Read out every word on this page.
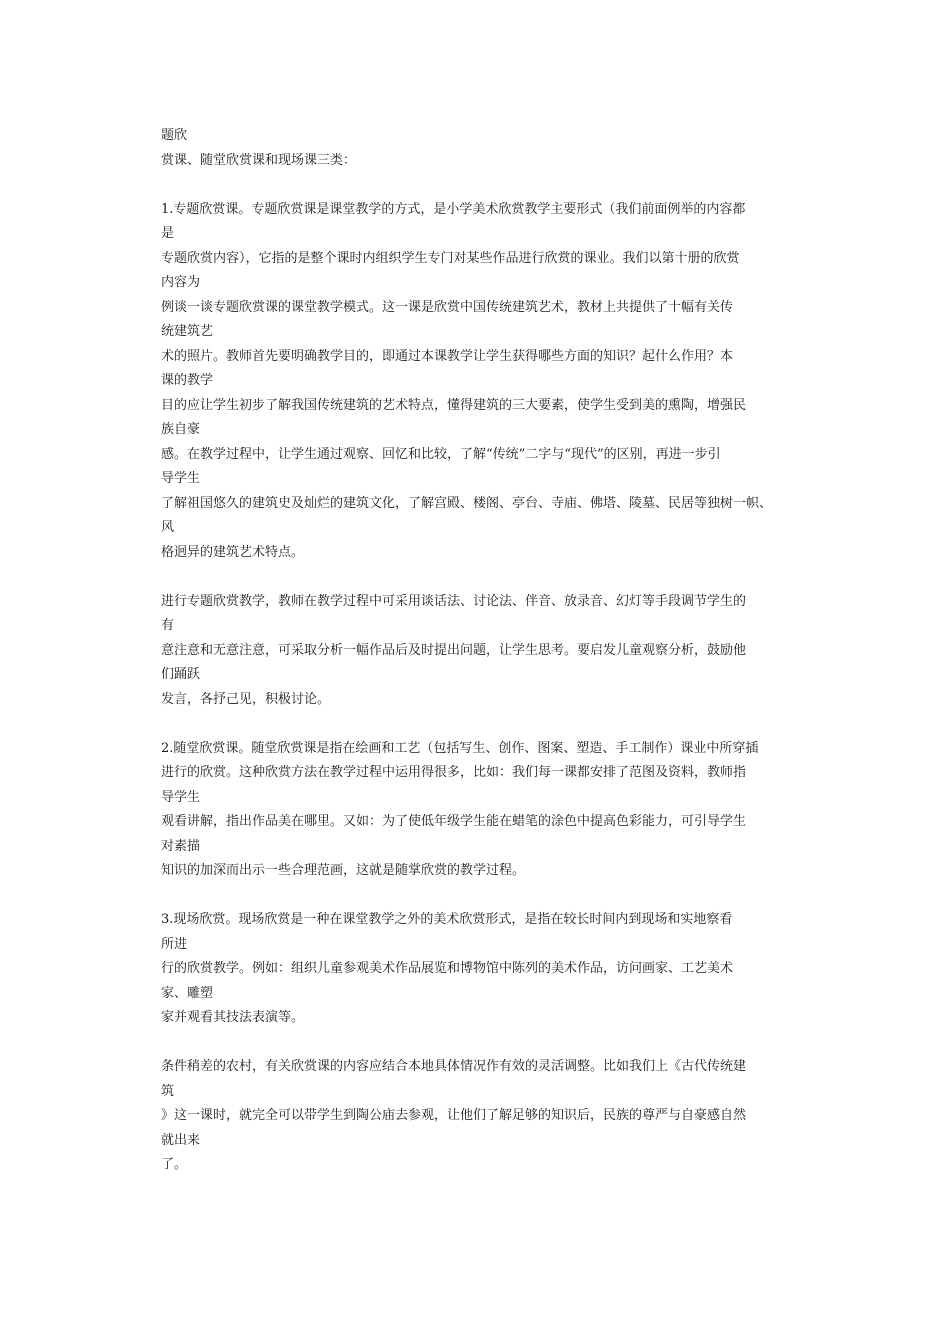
题欣
赏课、随堂欣赏课和现场课三类：
1.专题欣赏课。专题欣赏课是课堂教学的方式，是小学美术欣赏教学主要形式（我们前面例举的内容都
是
专题欣赏内容），它指的是整个课时内组织学生专门对某些作品进行欣赏的课业。我们以第十册的欣赏
内容为
例谈一谈专题欣赏课的课堂教学模式。这一课是欣赏中国传统建筑艺术，教材上共提供了十幅有关传
统建筑艺
术的照片。教师首先要明确教学目的，即通过本课教学让学生获得哪些方面的知识？起什么作用？本
课的教学
目的应让学生初步了解我国传统建筑的艺术特点，懂得建筑的三大要素，使学生受到美的熏陶，增强民
族自豪
感。在教学过程中，让学生通过观察、回忆和比较，了解“传统”二字与“现代”的区别，再进一步引
导学生
了解祖国悠久的建筑史及灿烂的建筑文化，了解宫殿、楼阁、亭台、寺庙、佛塔、陵墓、民居等独树一帜、
风
格迥异的建筑艺术特点。
进行专题欣赏教学，教师在教学过程中可采用谈话法、讨论法、伴音、放录音、幻灯等手段调节学生的
有
意注意和无意注意，可采取分析一幅作品后及时提出问题，让学生思考。要启发儿童观察分析，鼓励他
们踊跃
发言，各抒己见，积极讨论。
2.随堂欣赏课。随堂欣赏课是指在绘画和工艺（包括写生、创作、图案、塑造、手工制作）课业中所穿插
进行的欣赏。这种欣赏方法在教学过程中运用得很多，比如：我们每一课都安排了范图及资料，教师指
导学生
观看讲解，指出作品美在哪里。又如：为了使低年级学生能在蜡笔的涂色中提高色彩能力，可引导学生
对素描
知识的加深而出示一些合理范画，这就是随掌欣赏的教学过程。
3.现场欣赏。现场欣赏是一种在课堂教学之外的美术欣赏形式，是指在较长时间内到现场和实地察看
所进
行的欣赏教学。例如：组织儿童参观美术作品展览和博物馆中陈列的美术作品，访问画家、工艺美术
家、雕塑
家并观看其技法表演等。
条件稍差的农村，有关欣赏课的内容应结合本地具体情况作有效的灵活调整。比如我们上《古代传统建
筑
》这一课时，就完全可以带学生到陶公庙去参观，让他们了解足够的知识后，民族的尊严与自豪感自然
就出来
了。
